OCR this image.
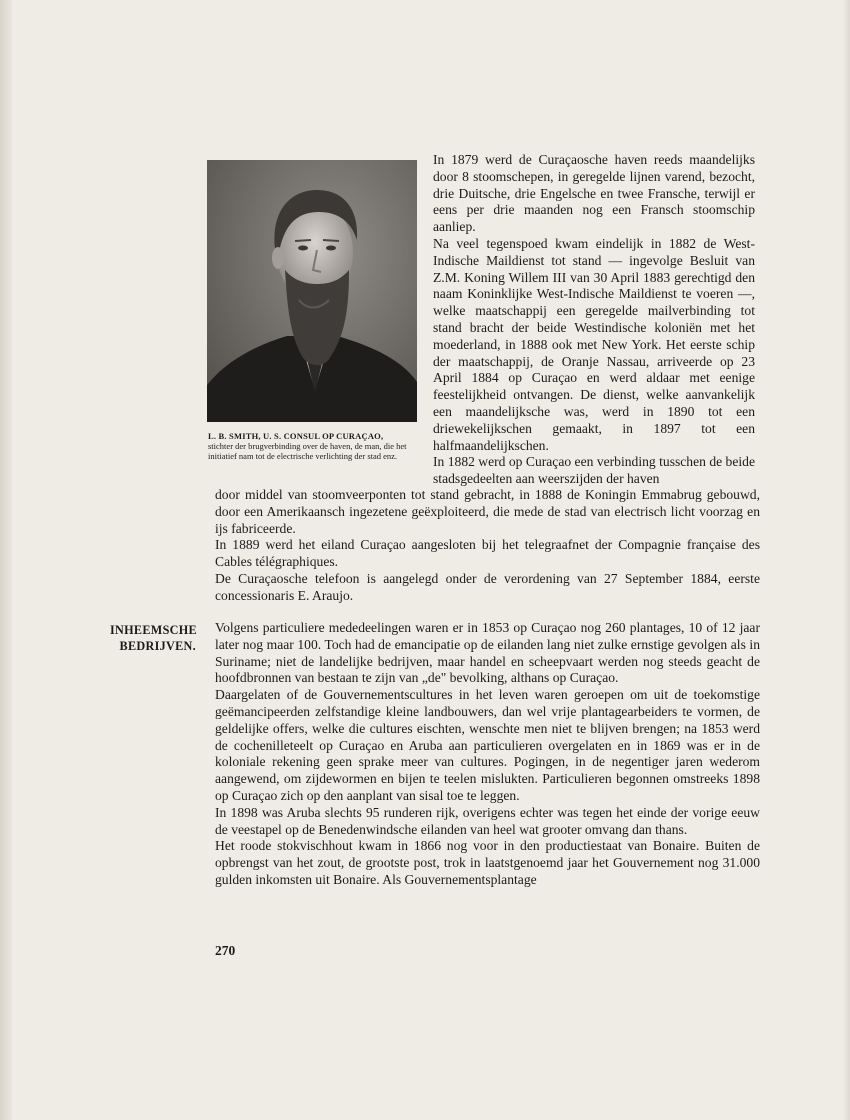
L. B. SMITH, U. S. CONSUL OP CURAÇAO,
stichter der brugverbinding over de haven, de man, die het initiatief nam tot de electrische verlichting der stad enz.

In 1879 werd de Curaçaosche haven reeds maandelijks door 8 stoomschepen, in geregelde lijnen varend, bezocht, drie Duitsche, drie Engelsche en twee Fransche, terwijl er eens per drie maanden nog een Fransch stoomschip aanliep.

Na veel tegenspoed kwam eindelijk in 1882 de West-Indische Maildienst tot stand — ingevolge Besluit van Z.M. Koning Willem III van 30 April 1883 gerechtigd den naam Koninklijke West-Indische Maildienst te voeren —, welke maatschappij een geregelde mailverbinding tot stand bracht der beide Westindische koloniën met het moederland, in 1888 ook met New York. Het eerste schip der maatschappij, de Oranje Nassau, arriveerde op 23 April 1884 op Curaçao en werd aldaar met eenige feestelijkheid ontvangen. De dienst, welke aanvankelijk een maandelijksche was, werd in 1890 tot een driewekelijkschen gemaakt, in 1897 tot een halfmaandelijkschen.

In 1882 werd op Curaçao een verbinding tusschen de beide stadsgedeelten aan weerszijden der haven

door middel van stoomveerponten tot stand gebracht, in 1888 de Koningin Emmabrug gebouwd, door een Amerikaansch ingezetene geëxploiteerd, die mede de stad van electrisch licht voorzag en ijs fabriceerde.

In 1889 werd het eiland Curaçao aangesloten bij het telegraafnet der Compagnie française des Cables télégraphiques.

De Curaçaosche telefoon is aangelegd onder de verordening van 27 September 1884, eerste concessionaris E. Araujo.

INHEEMSCHE
BEDRIJVEN.

Volgens particuliere mededeelingen waren er in 1853 op Curaçao nog 260 plantages, 10 of 12 jaar later nog maar 100. Toch had de emancipatie op de eilanden lang niet zulke ernstige gevolgen als in Suriname; niet de landelijke bedrijven, maar handel en scheepvaart werden nog steeds geacht de hoofdbronnen van bestaan te zijn van „de" bevolking, althans op Curaçao.

Daargelaten of de Gouvernementscultures in het leven waren geroepen om uit de toekomstige geëmancipeerden zelfstandige kleine landbouwers, dan wel vrije plantagearbeiders te vormen, de geldelijke offers, welke die cultures eischten, wenschte men niet te blijven brengen; na 1853 werd de cochenilleteelt op Curaçao en Aruba aan particulieren overgelaten en in 1869 was er in de koloniale rekening geen sprake meer van cultures. Pogingen, in de negentiger jaren wederom aangewend, om zijdewormen en bijen te teelen mislukten. Particulieren begonnen omstreeks 1898 op Curaçao zich op den aanplant van sisal toe te leggen.

In 1898 was Aruba slechts 95 runderen rijk, overigens echter was tegen het einde der vorige eeuw de veestapel op de Benedenwindsche eilanden van heel wat grooter omvang dan thans.

Het roode stokvischhout kwam in 1866 nog voor in den productiestaat van Bonaire. Buiten de opbrengst van het zout, de grootste post, trok in laatstgenoemd jaar het Gouvernement nog 31.000 gulden inkomsten uit Bonaire. Als Gouvernementsplantage

270
